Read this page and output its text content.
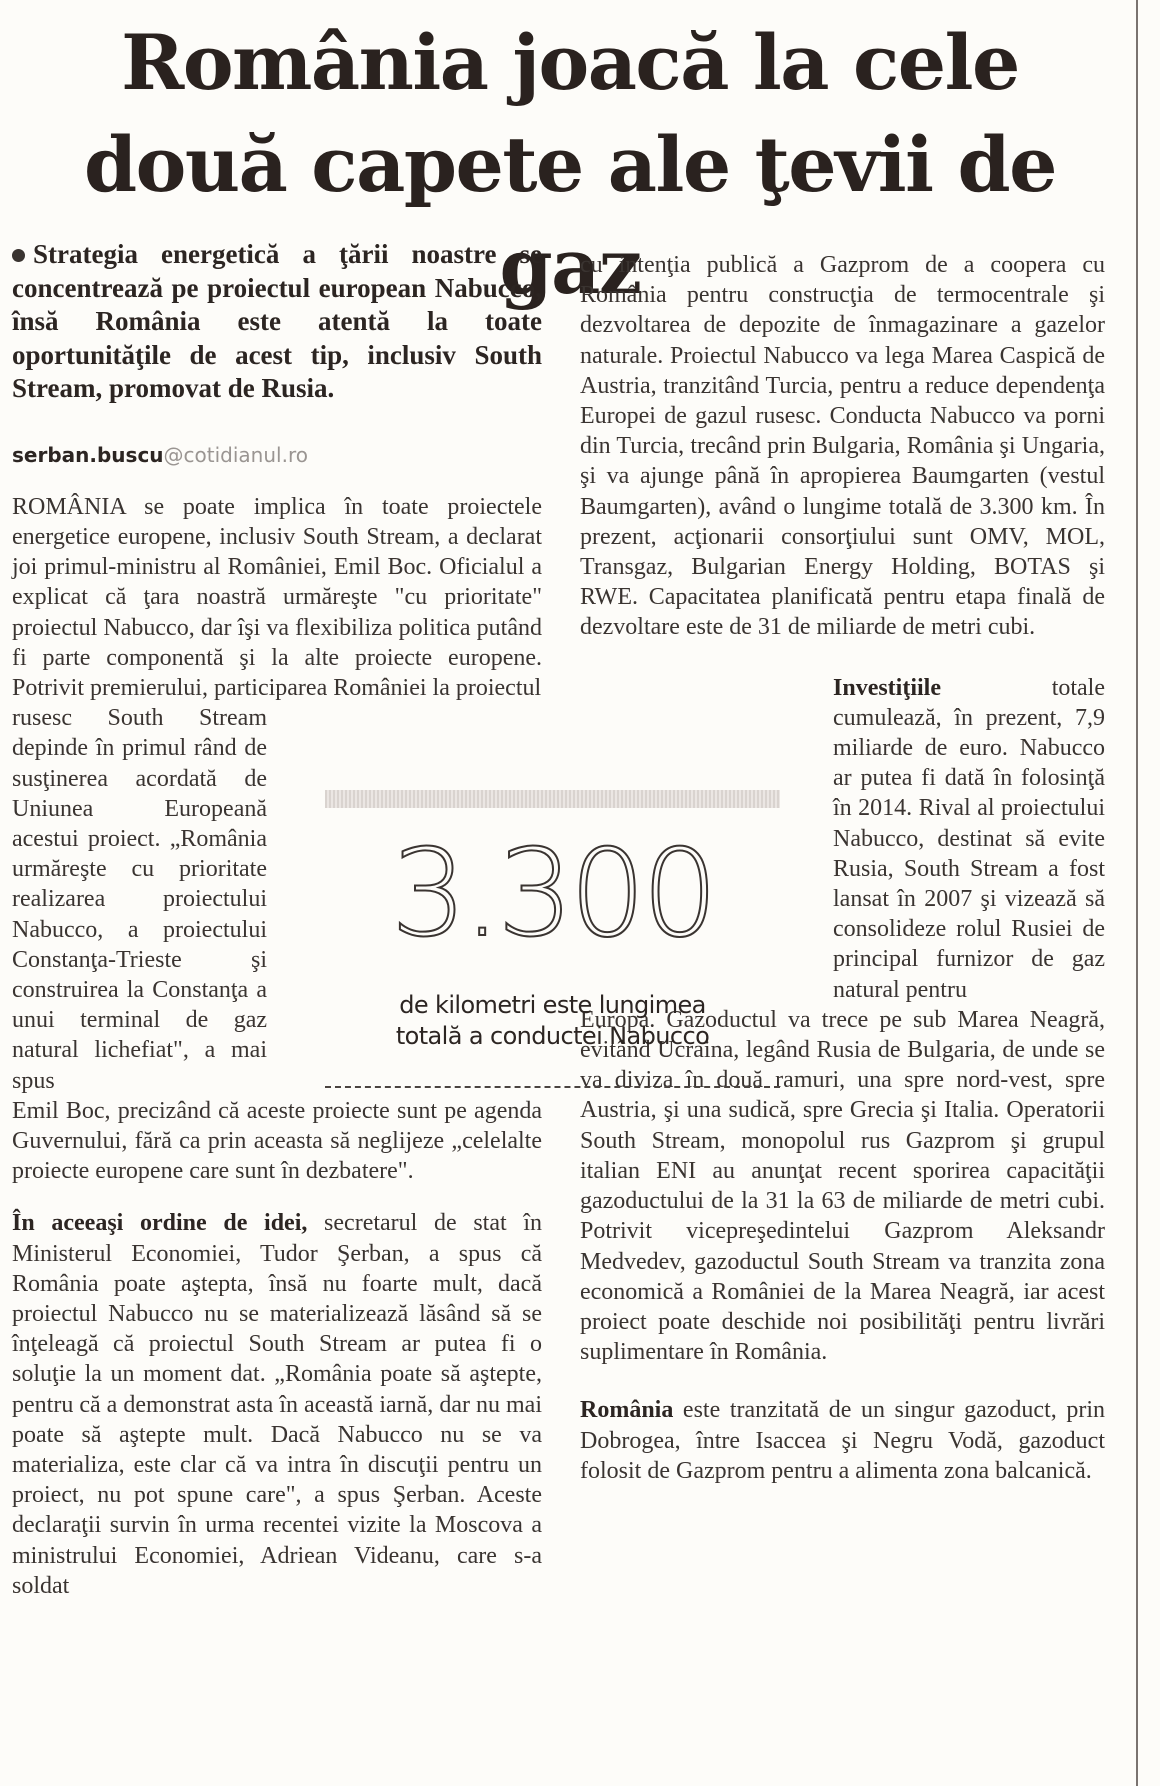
România joacă la cele două capete ale ţevii de gaz

Strategia energetică a ţării noastre se concentrează pe proiectul european Nabucco, însă România este atentă la toate oportunităţile de acest tip, inclusiv South Stream, promovat de Rusia.

serban.buscu@cotidianul.ro

ROMÂNIA se poate implica în toate proiectele energetice europene, inclusiv South Stream, a declarat joi primul-ministru al României, Emil Boc. Oficialul a explicat că ţara noastră urmăreşte "cu prioritate" proiectul Nabucco, dar îşi va flexibiliza politica putând fi parte componentă şi la alte proiecte europene. Potrivit premierului, participarea României la proiectul

rusesc South Stream depinde în primul rând de susţinerea acordată de Uniunea Europeană acestui proiect. „România urmăreşte cu prioritate realizarea proiectului Nabucco, a proiectului Constanţa-Trieste şi construirea la Constanţa a unui terminal de gaz natural lichefiat", a mai spus

Emil Boc, precizând că aceste proiecte sunt pe agenda Guvernului, fără ca prin aceasta să neglijeze „celelalte proiecte europene care sunt în dezbatere".

În aceeaşi ordine de idei, secretarul de stat în Ministerul Economiei, Tudor Şerban, a spus că România poate aştepta, însă nu foarte mult, dacă proiectul Nabucco nu se materializează lăsând să se înţeleagă că proiectul South Stream ar putea fi o soluţie la un moment dat. „România poate să aştepte, pentru că a demonstrat asta în această iarnă, dar nu mai poate să aştepte mult. Dacă Nabucco nu se va materializa, este clar că va intra în discuţii pentru un proiect, nu pot spune care", a spus Şerban. Aceste declaraţii survin în urma recentei vizite la Moscova a ministrului Economiei, Adriean Videanu, care s-a soldat

cu intenţia publică a Gazprom de a coopera cu România pentru construcţia de termocentrale şi dezvoltarea de depozite de înmagazinare a gazelor naturale. Proiectul Nabucco va lega Marea Caspică de Austria, tranzitând Turcia, pentru a reduce dependenţa Europei de gazul rusesc. Conducta Nabucco va porni din Turcia, trecând prin Bulgaria, România şi Ungaria, şi va ajunge până în apropierea Baumgarten (vestul Baumgarten), având o lungime totală de 3.300 km. În prezent, acţionarii consorţiului sunt OMV, MOL, Transgaz, Bulgarian Energy Holding, BOTAS şi RWE. Capacitatea planificată pentru etapa finală de dezvoltare este de 31 de miliarde de metri cubi.

Investiţiile totale cumulează, în prezent, 7,9 miliarde de euro. Nabucco ar putea fi dată în folosinţă în 2014. Rival al proiectului Nabucco, destinat să evite Rusia, South Stream a fost lansat în 2007 şi vizează să consolideze rolul Rusiei de principal furnizor de gaz natural pentru

Europa. Gazoductul va trece pe sub Marea Neagră, evitând Ucraina, legând Rusia de Bulgaria, de unde se va diviza în două ramuri, una spre nord-vest, spre Austria, şi una sudică, spre Grecia şi Italia. Operatorii South Stream, monopolul rus Gazprom şi grupul italian ENI au anunţat recent sporirea capacităţii gazoductului de la 31 la 63 de miliarde de metri cubi. Potrivit vicepreşedintelui Gazprom Aleksandr Medvedev, gazoductul South Stream va tranzita zona economică a României de la Marea Neagră, iar acest proiect poate deschide noi posibilităţi pentru livrări suplimentare în România.

România este tranzitată de un singur gazoduct, prin Dobrogea, între Isaccea şi Negru Vodă, gazoduct folosit de Gazprom pentru a alimenta zona balcanică.

3.300
de kilometri este lungimea
totală a conductei Nabucco
